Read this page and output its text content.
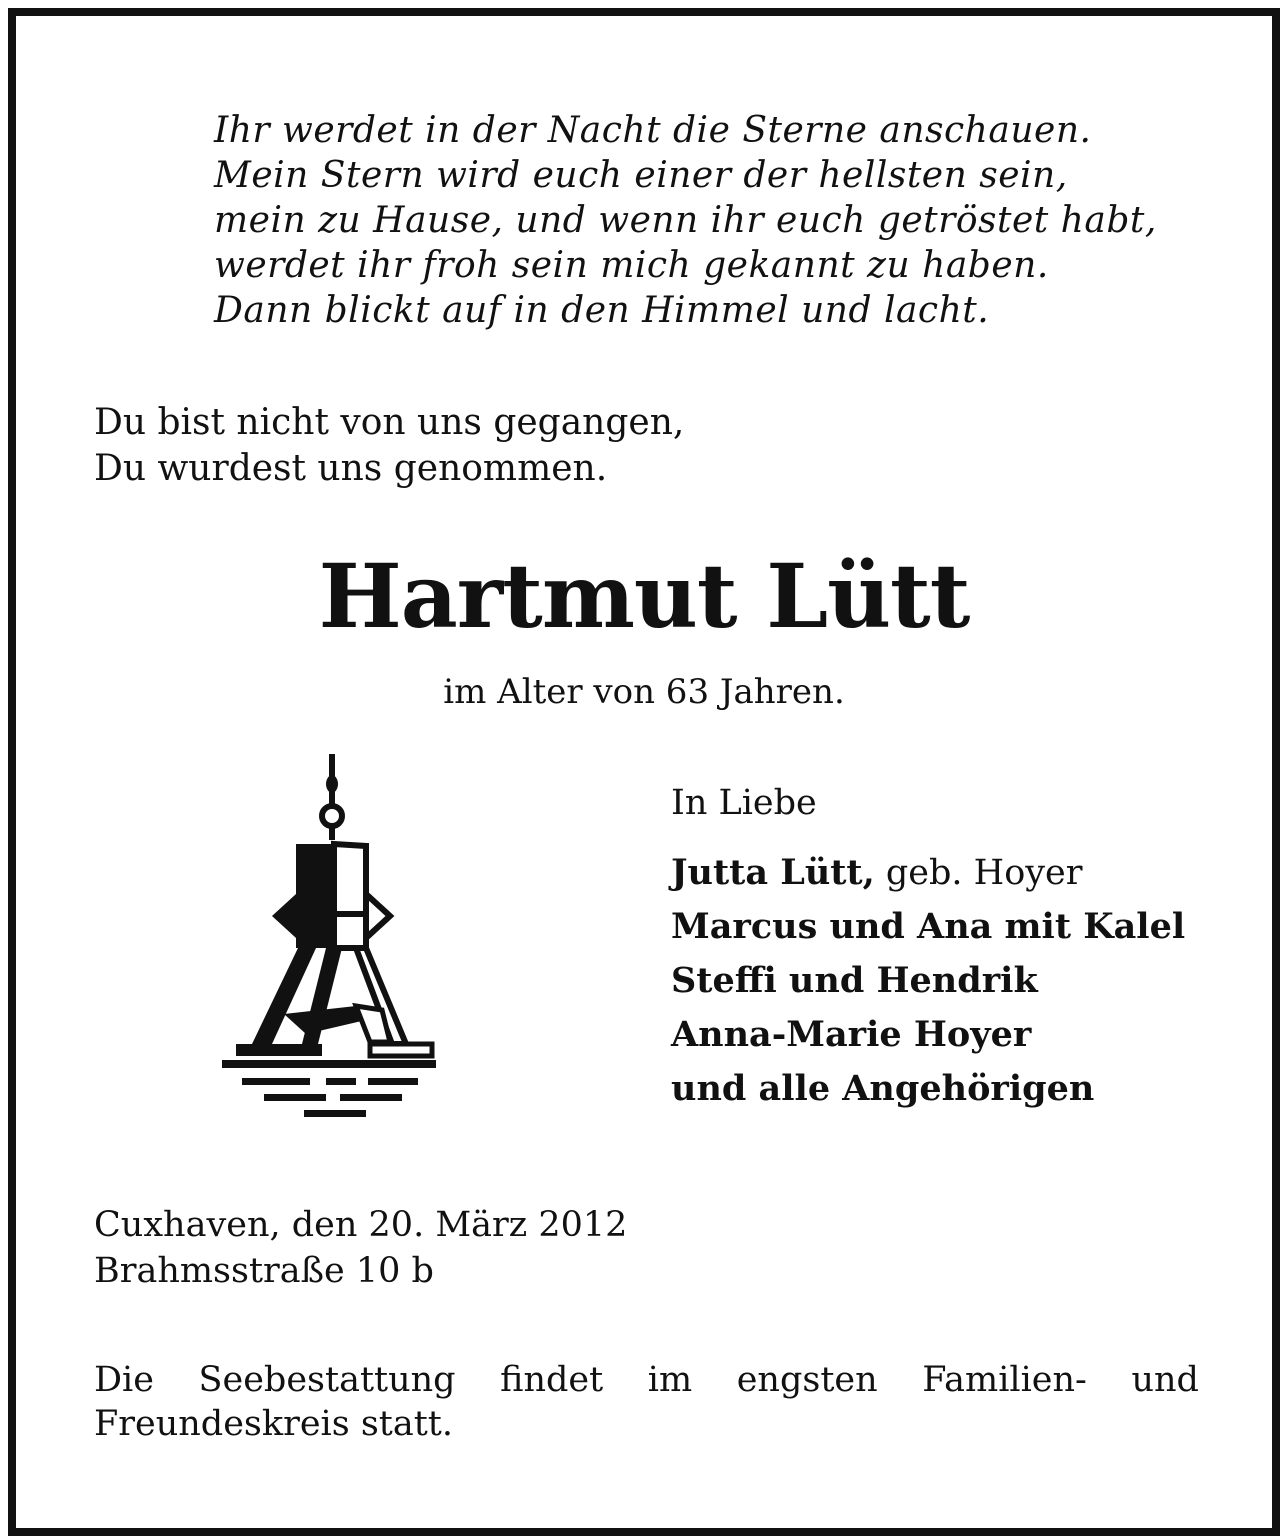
Ihr werdet in der Nacht die Sterne anschauen.
Mein Stern wird euch einer der hellsten sein,
mein zu Hause, und wenn ihr euch getröstet habt,
werdet ihr froh sein mich gekannt zu haben.
Dann blickt auf in den Himmel und lacht.
Du bist nicht von uns gegangen,
Du wurdest uns genommen.
Hartmut Lütt
im Alter von 63 Jahren.
In Liebe
Jutta Lütt, geb. Hoyer
Marcus und Ana mit Kalel
Steffi und Hendrik
Anna-Marie Hoyer
und alle Angehörigen
Cuxhaven, den 20. März 2012
Brahmsstraße 10 b
Die Seebestattung findet im engsten Familien- und
Freundeskreis statt.
